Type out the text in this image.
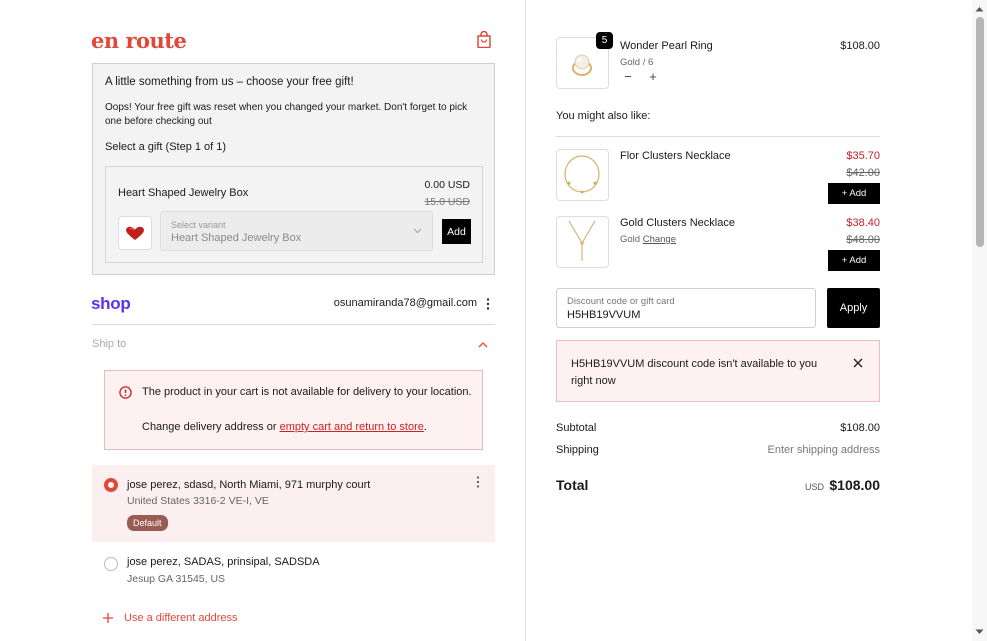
en route
A little something from us – choose your free gift!
Oops! Your free gift was reset when you changed your market. Don't forget to pick one before checking out
Select a gift (Step 1 of 1)
Heart Shaped Jewelry Box
0.00 USD
15.0 USD
Select variant
Heart Shaped Jewelry Box
Add
shop	osunamiranda78@gmail.com
Ship to
The product in your cart is not available for delivery to your location.
Change delivery address or empty cart and return to store.
jose perez, sdasd, North Miami, 971 murphy court
United States 3316-2 VE-I, VE
Default
jose perez, SADAS, prinsipal, SADSDA
Jesup GA 31545, US
Use a different address
5	Wonder Pearl Ring
Gold / 6
− +
$108.00
You might also like:
Flor Clusters Necklace	$35.70
$42.00
+ Add
Gold Clusters Necklace
Gold Change
$38.40
$48.00
+ Add
Discount code or gift card
H5HB19VVUM
Apply
H5HB19VVUM discount code isn't available to you right now
Subtotal	$108.00
Shipping	Enter shipping address
Total	USD $108.00
